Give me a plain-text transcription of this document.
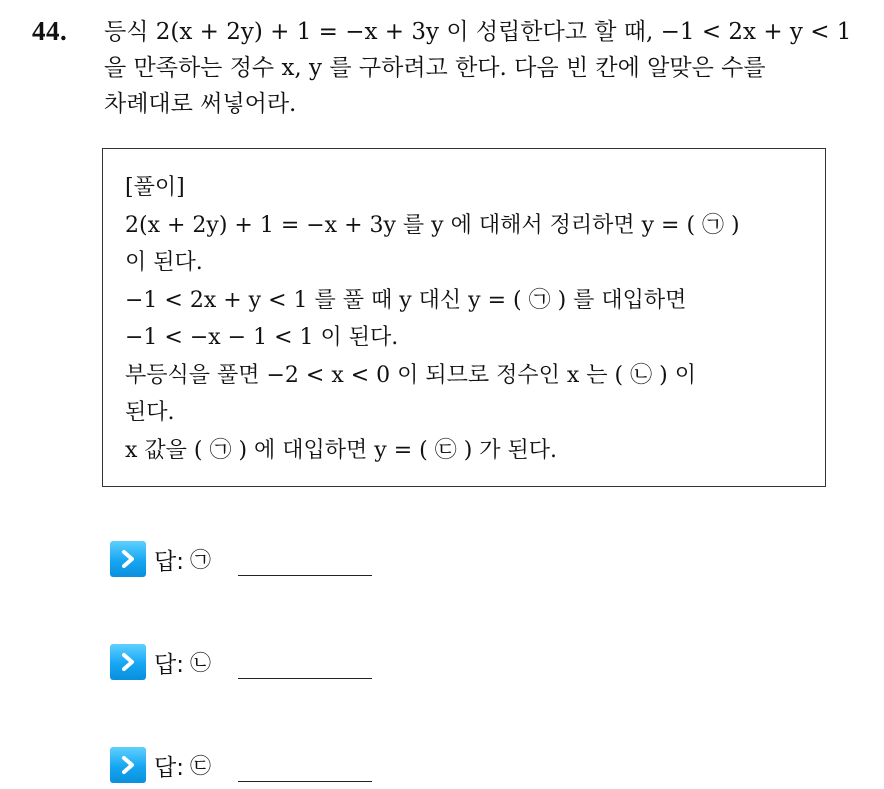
44. 등식 2(x + 2y) + 1 = −x + 3y 이 성립한다고 할 때, −1 < 2x + y < 1
을 만족하는 정수 x, y 를 구하려고 한다. 다음 빈 칸에 알맞은 수를
차례대로 써넣어라.

[풀이]
2(x + 2y) + 1 = −x + 3y 를 y 에 대해서 정리하면 y = ( ㉠ )
이 된다.
−1 < 2x + y < 1 를 풀 때 y 대신 y = ( ㉠ ) 를 대입하면
−1 < −x − 1 < 1 이 된다.
부등식을 풀면 −2 < x < 0 이 되므로 정수인 x 는 ( ㉡ ) 이
된다.
x 값을 ( ㉠ ) 에 대입하면 y = ( ㉢ ) 가 된다.
답: ㉠
답: ㉡
답: ㉢
